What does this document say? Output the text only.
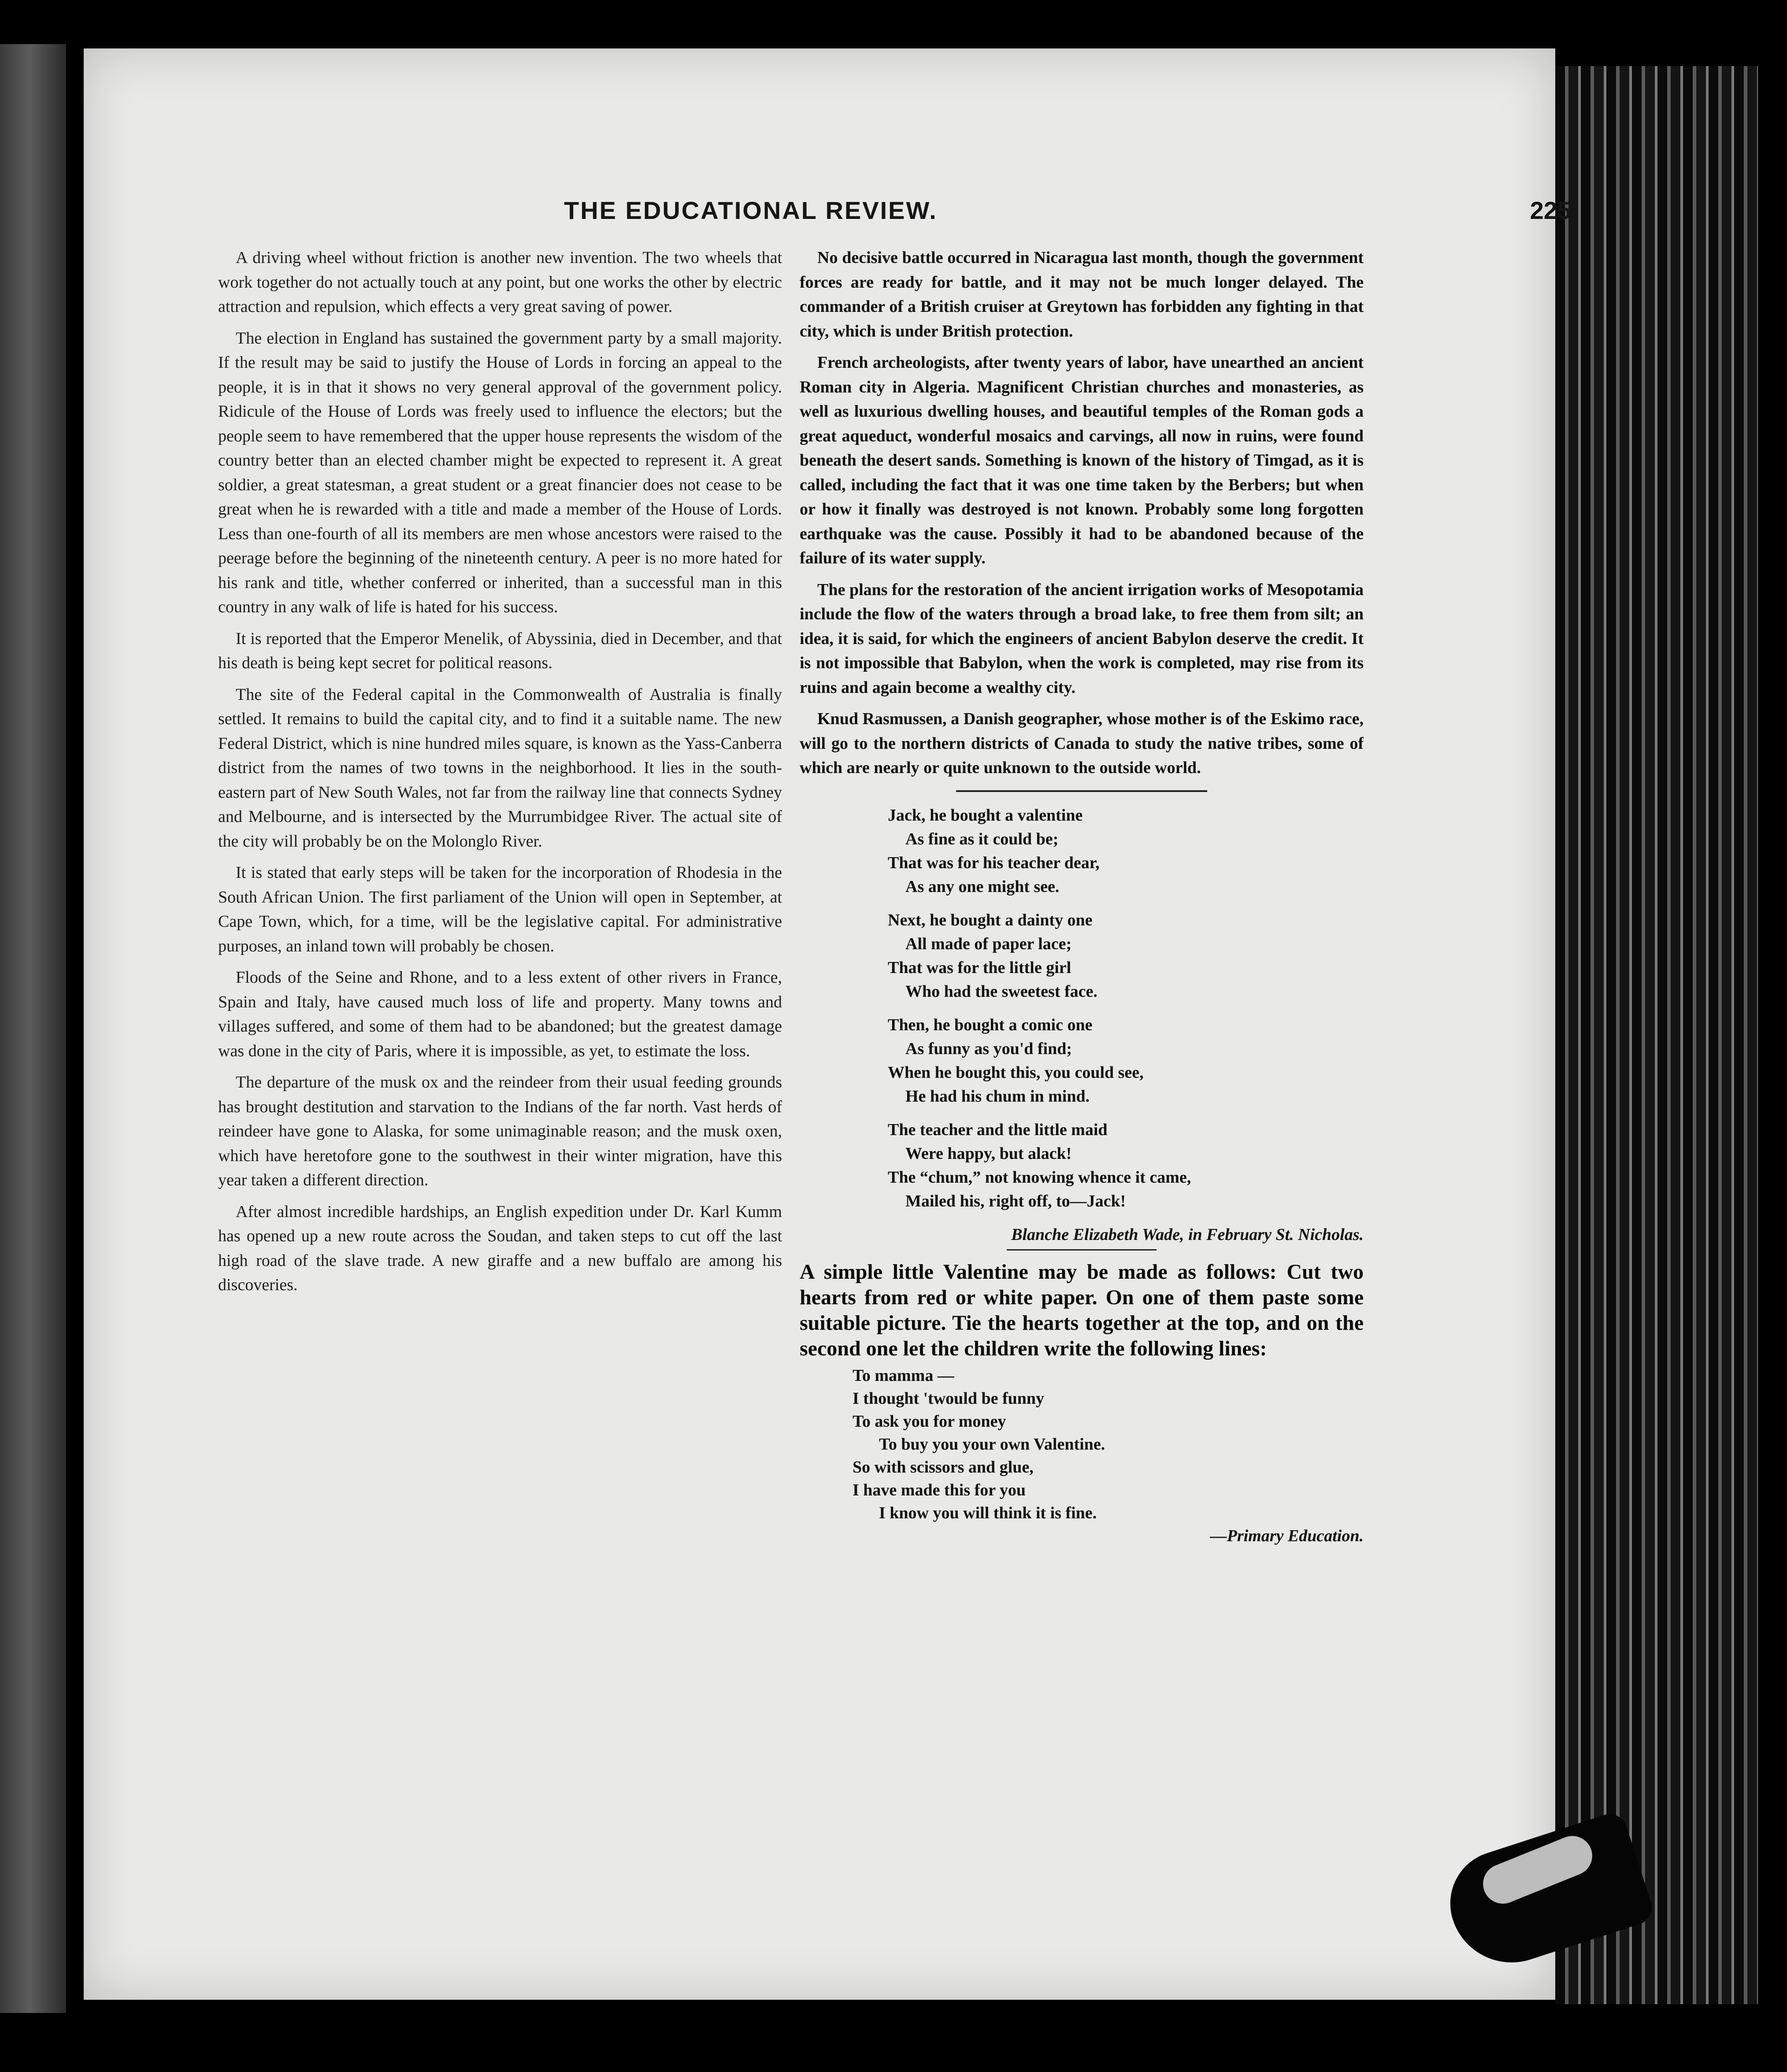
THE EDUCATIONAL REVIEW.	225

A driving wheel without friction is another new invention. The two wheels that work together do not actually touch at any point, but one works the other by electric attraction and repulsion, which effects a very great saving of power.

The election in England has sustained the government party by a small majority. If the result may be said to justify the House of Lords in forcing an appeal to the people, it is in that it shows no very general approval of the government policy. Ridicule of the House of Lords was freely used to influence the electors; but the people seem to have remembered that the upper house represents the wisdom of the country better than an elected chamber might be expected to represent it. A great soldier, a great statesman, a great student or a great financier does not cease to be great when he is rewarded with a title and made a member of the House of Lords. Less than one-fourth of all its members are men whose ancestors were raised to the peerage before the beginning of the nineteenth century. A peer is no more hated for his rank and title, whether conferred or inherited, than a successful man in this country in any walk of life is hated for his success.

It is reported that the Emperor Menelik, of Abyssinia, died in December, and that his death is being kept secret for political reasons.

The site of the Federal capital in the Commonwealth of Australia is finally settled. It remains to build the capital city, and to find it a suitable name. The new Federal District, which is nine hundred miles square, is known as the Yass-Canberra district from the names of two towns in the neighborhood. It lies in the south-eastern part of New South Wales, not far from the railway line that connects Sydney and Melbourne, and is intersected by the Murrumbidgee River. The actual site of the city will probably be on the Molonglo River.

It is stated that early steps will be taken for the incorporation of Rhodesia in the South African Union. The first parliament of the Union will open in September, at Cape Town, which, for a time, will be the legislative capital. For administrative purposes, an inland town will probably be chosen.

Floods of the Seine and Rhone, and to a less extent of other rivers in France, Spain and Italy, have caused much loss of life and property. Many towns and villages suffered, and some of them had to be abandoned; but the greatest damage was done in the city of Paris, where it is impossible, as yet, to estimate the loss.

The departure of the musk ox and the reindeer from their usual feeding grounds has brought destitution and starvation to the Indians of the far north. Vast herds of reindeer have gone to Alaska, for some unimaginable reason; and the musk oxen, which have heretofore gone to the southwest in their winter migration, have this year taken a different direction.

After almost incredible hardships, an English expedition under Dr. Karl Kumm has opened up a new route across the Soudan, and taken steps to cut off the last high road of the slave trade. A new giraffe and a new buffalo are among his discoveries.

No decisive battle occurred in Nicaragua last month, though the government forces are ready for battle, and it may not be much longer delayed. The commander of a British cruiser at Greytown has forbidden any fighting in that city, which is under British protection.

French archeologists, after twenty years of labor, have unearthed an ancient Roman city in Algeria. Magnificent Christian churches and monasteries, as well as luxurious dwelling houses, and beautiful temples of the Roman gods a great aqueduct, wonderful mosaics and carvings, all now in ruins, were found beneath the desert sands. Something is known of the history of Timgad, as it is called, including the fact that it was one time taken by the Berbers; but when or how it finally was destroyed is not known. Probably some long forgotten earthquake was the cause. Possibly it had to be abandoned because of the failure of its water supply.

The plans for the restoration of the ancient irrigation works of Mesopotamia include the flow of the waters through a broad lake, to free them from silt; an idea, it is said, for which the engineers of ancient Babylon deserve the credit. It is not impossible that Babylon, when the work is completed, may rise from its ruins and again become a wealthy city.

Knud Rasmussen, a Danish geographer, whose mother is of the Eskimo race, will go to the northern districts of Canada to study the native tribes, some of which are nearly or quite unknown to the outside world.

Jack, he bought a valentine
As fine as it could be;
That was for his teacher dear,
As any one might see.
Next, he bought a dainty one
All made of paper lace;
That was for the little girl
Who had the sweetest face.
Then, he bought a comic one
As funny as you'd find;
When he bought this, you could see,
He had his chum in mind.
The teacher and the little maid
Were happy, but alack!
The “chum,” not knowing whence it came,
Mailed his, right off, to—Jack!
Blanche Elizabeth Wade, in February St. Nicholas.

A simple little Valentine may be made as follows: Cut two hearts from red or white paper. On one of them paste some suitable picture. Tie the hearts together at the top, and on the second one let the children write the following lines:

To mamma —
I thought 'twould be funny
To ask you for money
To buy you your own Valentine.
So with scissors and glue,
I have made this for you
I know you will think it is fine.
—Primary Education.
